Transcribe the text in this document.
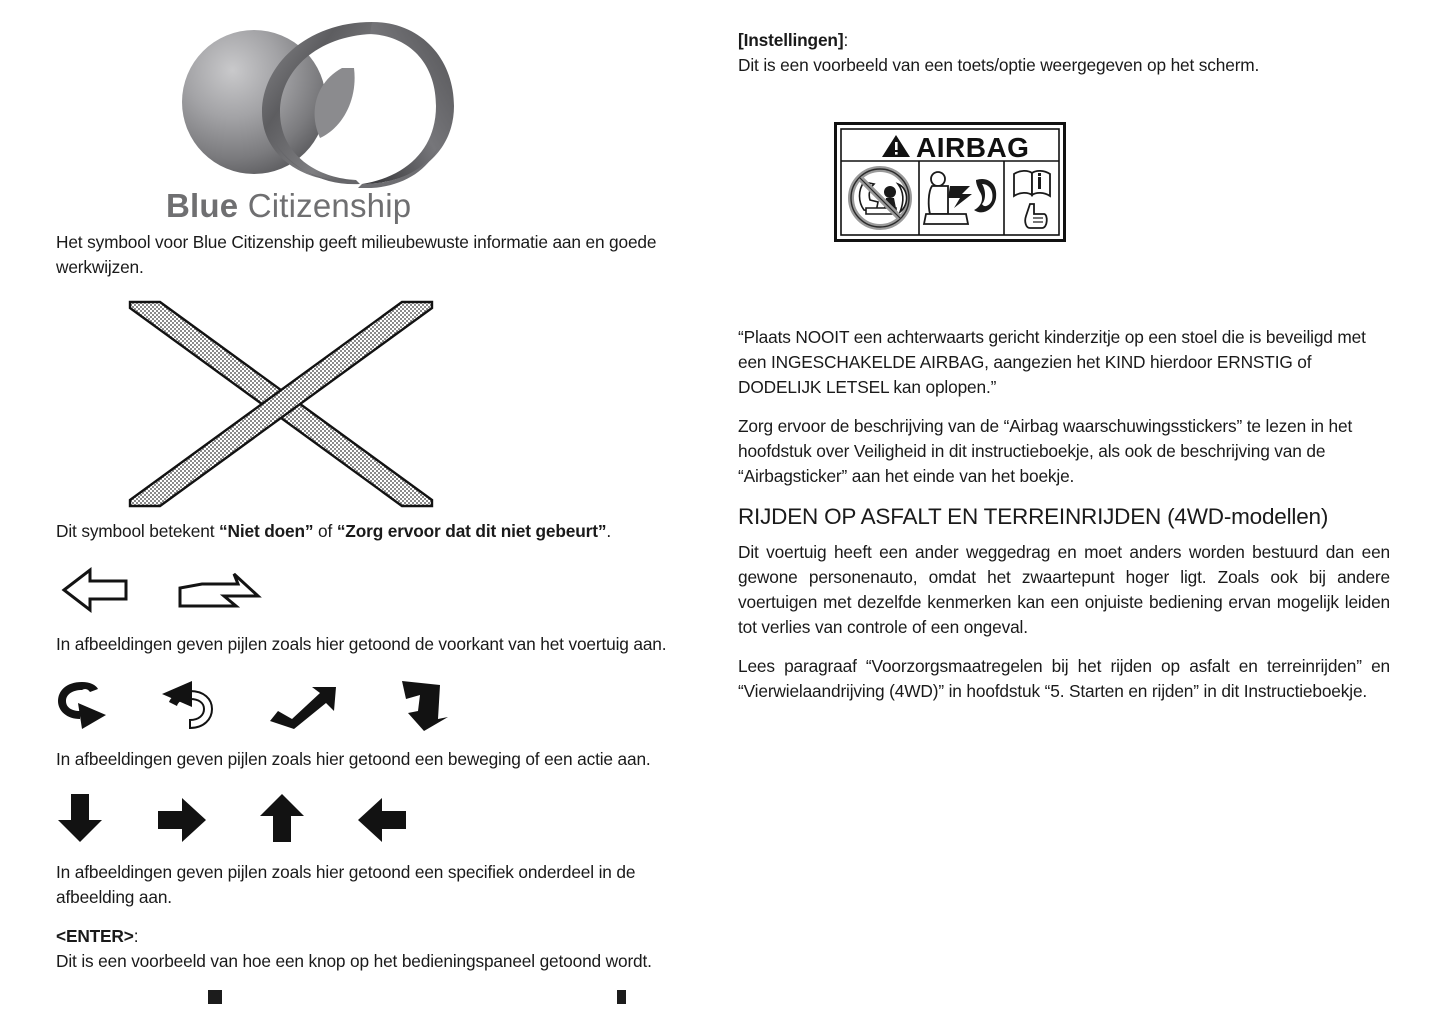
Blue Citizenship

Het symbool voor Blue Citizenship geeft milieubewuste informatie aan en goede werkwijzen.

Dit symbool betekent “Niet doen” of “Zorg ervoor dat dit niet gebeurt”.

In afbeeldingen geven pijlen zoals hier getoond de voorkant van het voertuig aan.

In afbeeldingen geven pijlen zoals hier getoond een beweging of een actie aan.

In afbeeldingen geven pijlen zoals hier getoond een specifiek onderdeel in de afbeelding aan.

<ENTER>:

Dit is een voorbeeld van hoe een knop op het bedieningspaneel getoond wordt.

[Instellingen]:

Dit is een voorbeeld van een toets/optie weergegeven op het scherm.

AIRBAG

“Plaats NOOIT een achterwaarts gericht kinderzitje op een stoel die is beveiligd met een INGESCHAKELDE AIRBAG, aangezien het KIND hierdoor ERNSTIG of DODELIJK LETSEL kan oplopen.”

Zorg ervoor de beschrijving van de “Airbag waarschuwingsstickers” te lezen in het hoofdstuk over Veiligheid in dit instructieboekje, als ook de beschrijving van de “Airbagsticker” aan het einde van het boekje.

RIJDEN OP ASFALT EN TERREINRIJDEN (4WD-modellen)

Dit voertuig heeft een ander weggedrag en moet anders worden bestuurd dan een gewone personenauto, omdat het zwaartepunt hoger ligt. Zoals ook bij andere voertuigen met dezelfde kenmerken kan een onjuiste bediening ervan mogelijk leiden tot verlies van controle of een ongeval.

Lees paragraaf “Voorzorgsmaatregelen bij het rijden op asfalt en terreinrijden” en “Vierwielaandrijving (4WD)” in hoofdstuk “5. Starten en rijden” in dit Instructieboekje.
